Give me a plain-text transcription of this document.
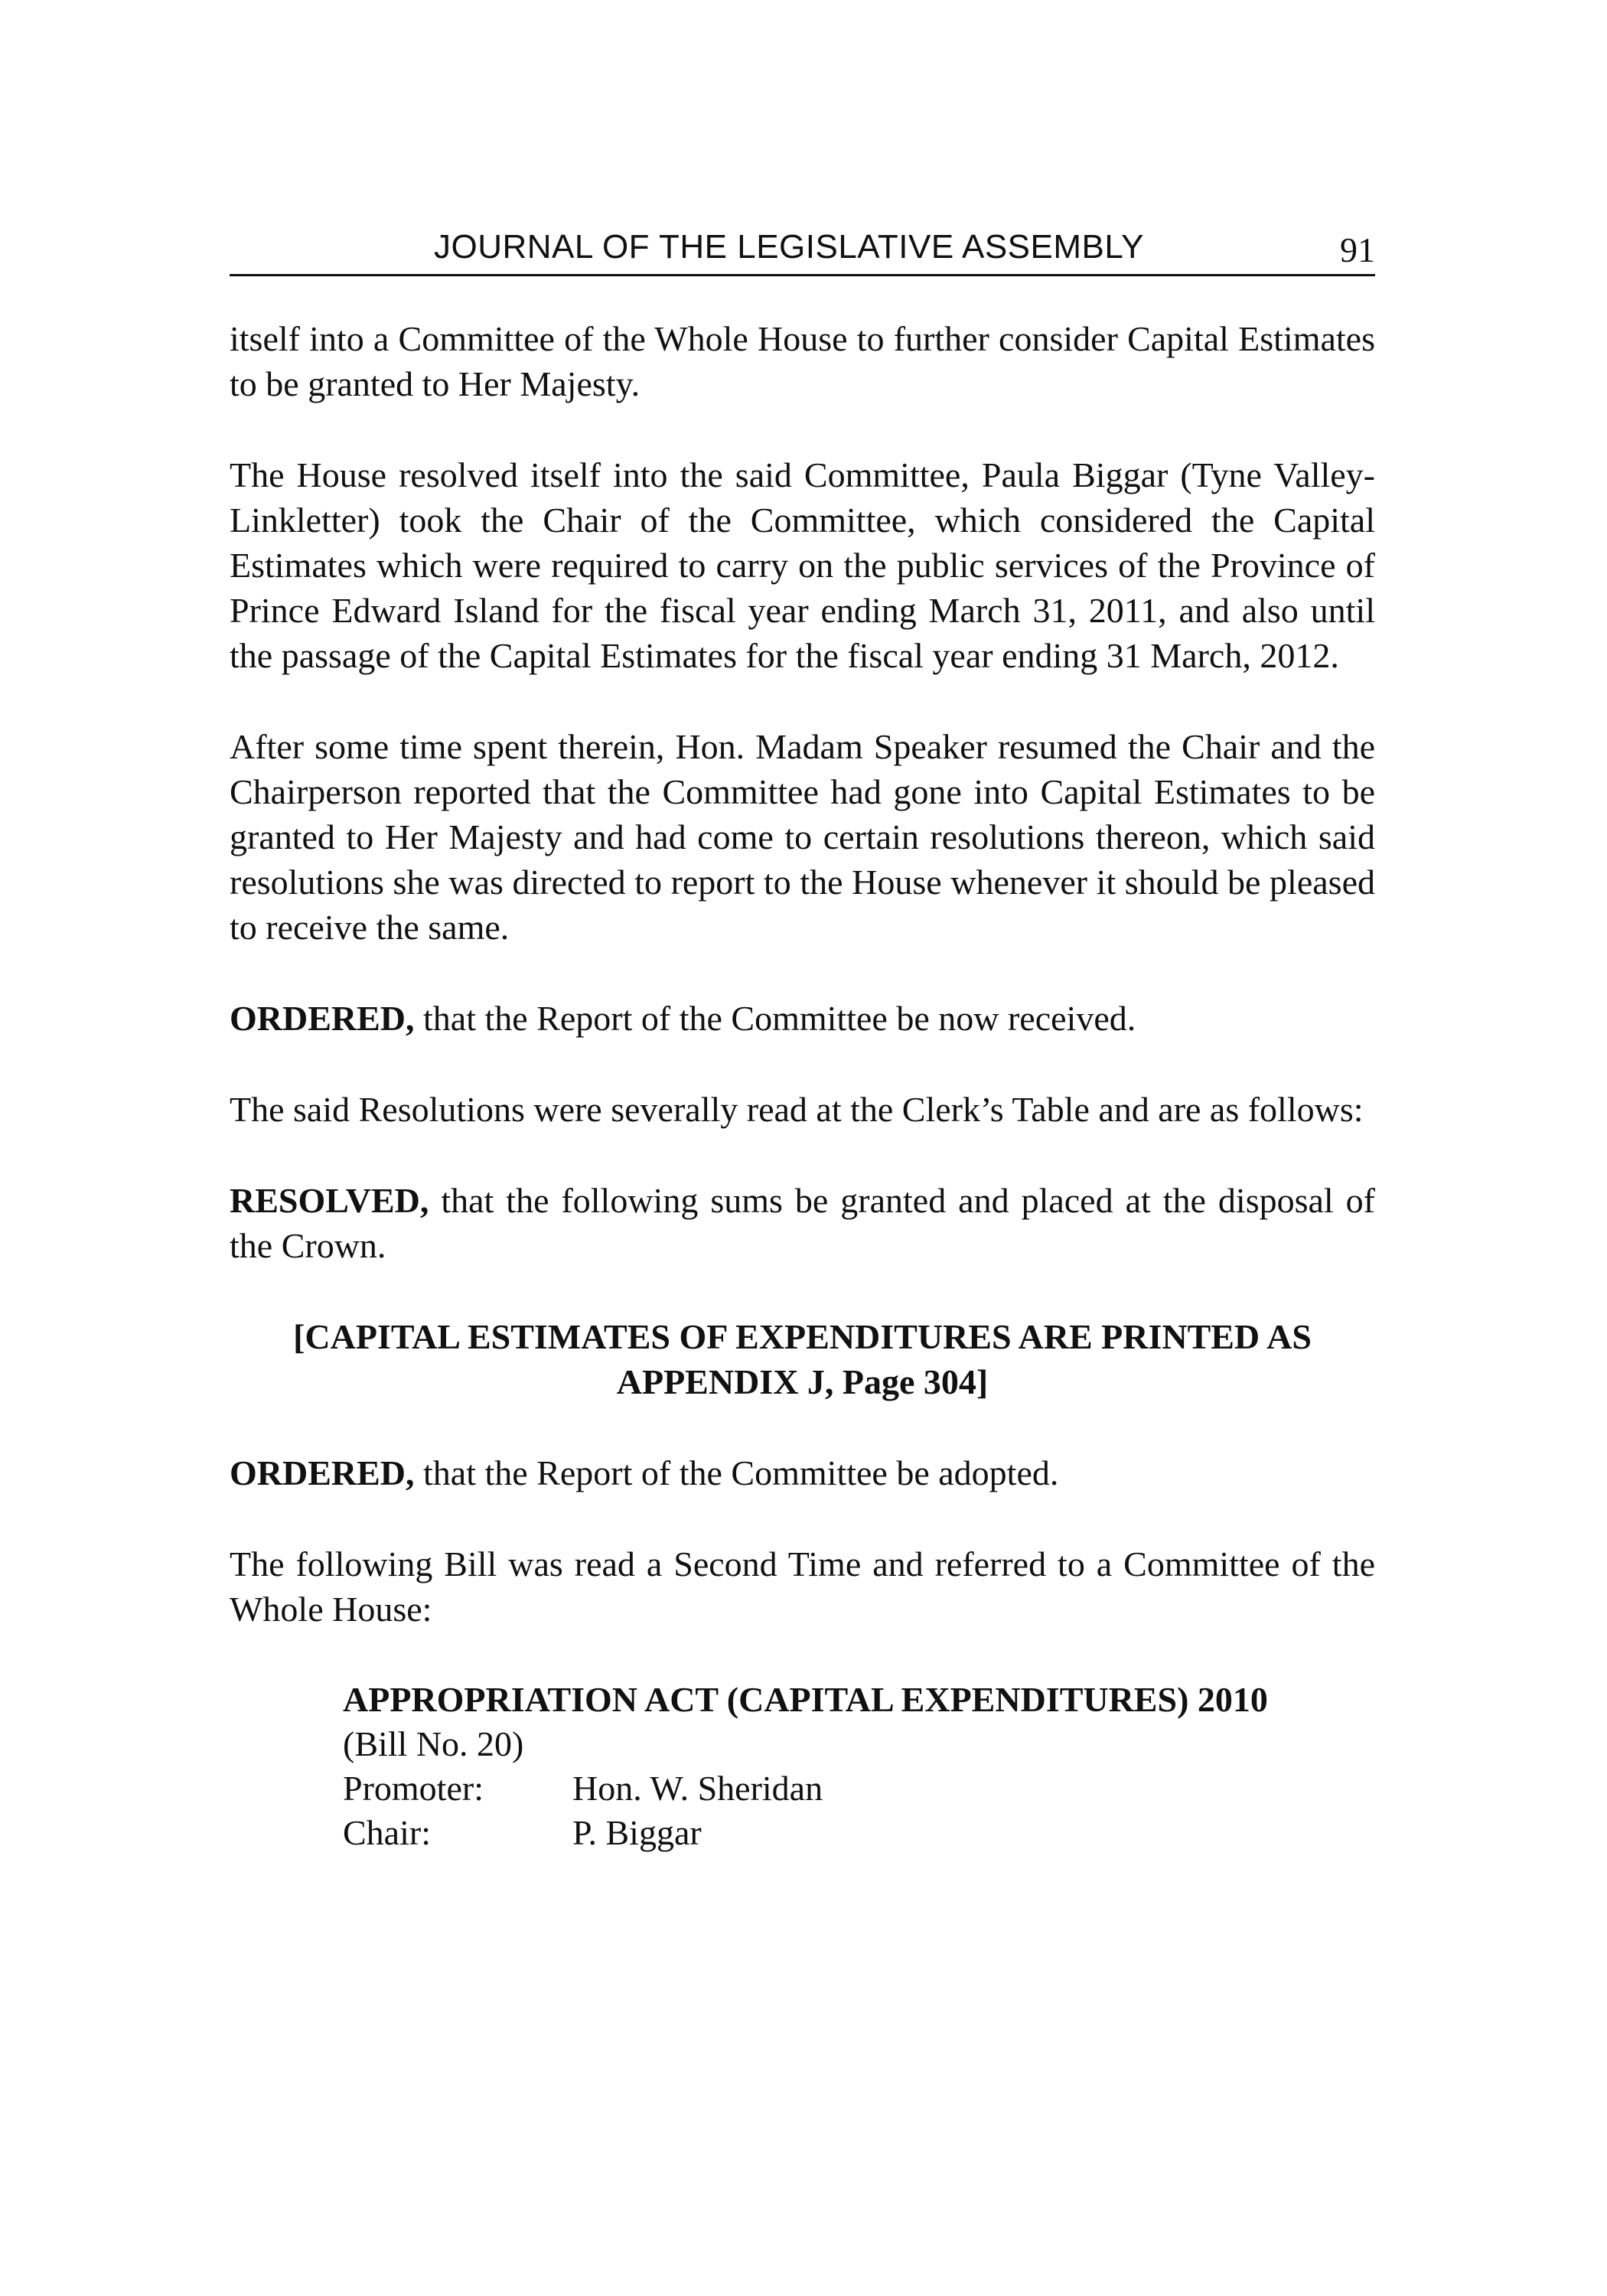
JOURNAL OF THE LEGISLATIVE ASSEMBLY	91

itself into a Committee of the Whole House to further consider Capital Estimates to be granted to Her Majesty.

The House resolved itself into the said Committee, Paula Biggar (Tyne Valley-Linkletter) took the Chair of the Committee, which considered the Capital Estimates which were required to carry on the public services of the Province of Prince Edward Island for the fiscal year ending March 31, 2011, and also until the passage of the Capital Estimates for the fiscal year ending 31 March, 2012.

After some time spent therein, Hon. Madam Speaker resumed the Chair and the Chairperson reported that the Committee had gone into Capital Estimates to be granted to Her Majesty and had come to certain resolutions thereon, which said resolutions she was directed to report to the House whenever it should be pleased to receive the same.

ORDERED, that the Report of the Committee be now received.

The said Resolutions were severally read at the Clerk’s Table and are as follows:

RESOLVED, that the following sums be granted and placed at the disposal of the Crown.

[CAPITAL ESTIMATES OF EXPENDITURES ARE PRINTED AS
APPENDIX J, Page 304]

ORDERED, that the Report of the Committee be adopted.

The following Bill was read a Second Time and referred to a Committee of the Whole House:

APPROPRIATION ACT (CAPITAL EXPENDITURES) 2010
(Bill No. 20)
Promoter:	Hon. W. Sheridan
Chair:	P. Biggar
